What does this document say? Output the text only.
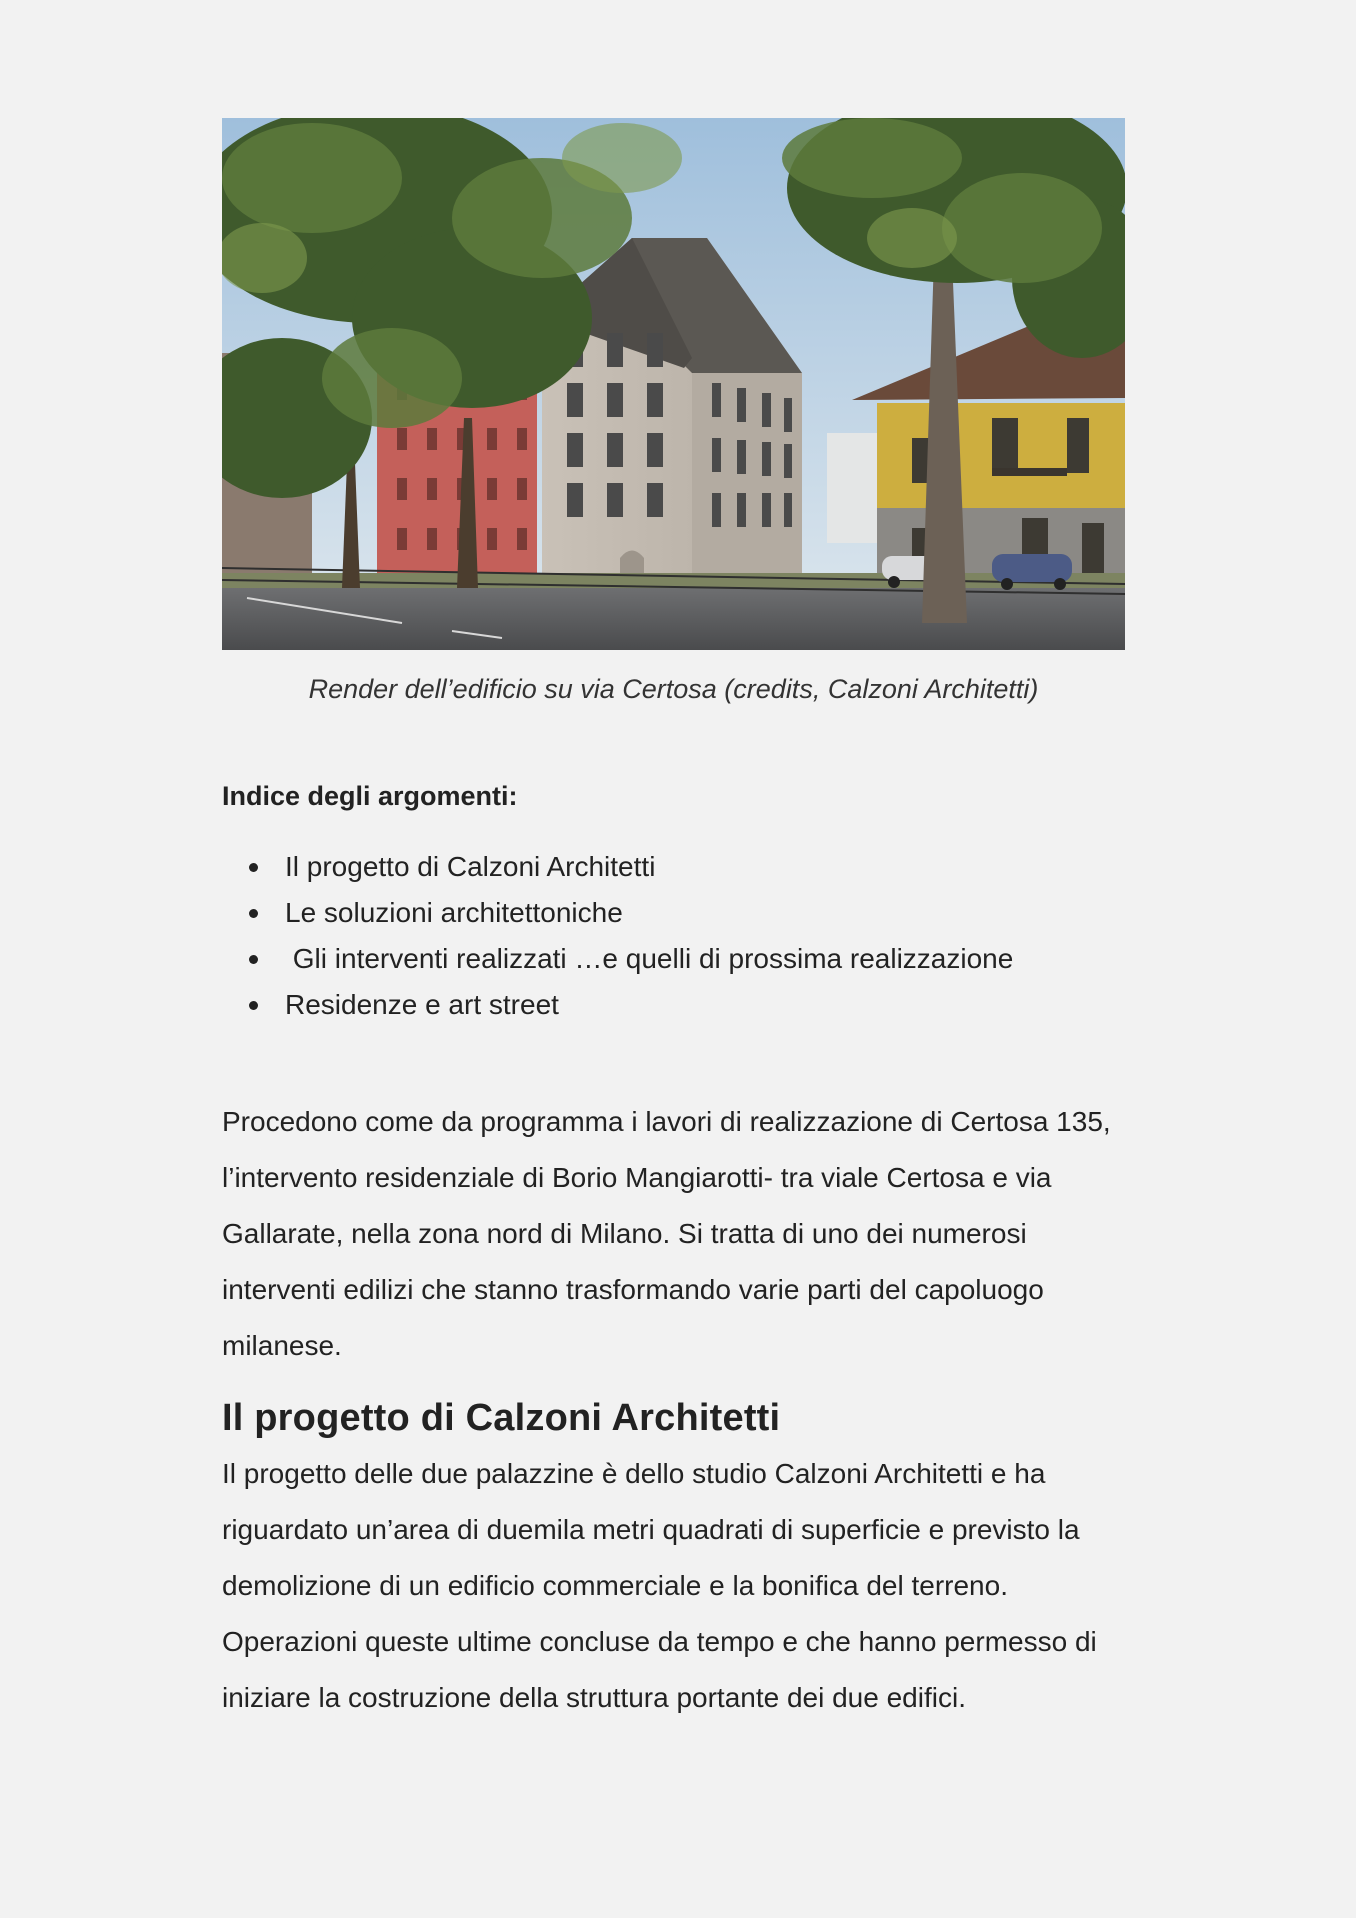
Render dell’edificio su via Certosa (credits, Calzoni Architetti)

Indice degli argomenti:

Il progetto di Calzoni Architetti
Le soluzioni architettoniche
Gli interventi realizzati …e quelli di prossima realizzazione
Residenze e art street

Procedono come da programma i lavori di realizzazione di Certosa 135, l’intervento residenziale di Borio Mangiarotti- tra viale Certosa e via Gallarate, nella zona nord di Milano. Si tratta di uno dei numerosi interventi edilizi che stanno trasformando varie parti del capoluogo milanese.

Il progetto di Calzoni Architetti

Il progetto delle due palazzine è dello studio Calzoni Architetti e ha riguardato un’area di duemila metri quadrati di superficie e previsto la demolizione di un edificio commerciale e la bonifica del terreno. Operazioni queste ultime concluse da tempo e che hanno permesso di iniziare la costruzione della struttura portante dei due edifici.
